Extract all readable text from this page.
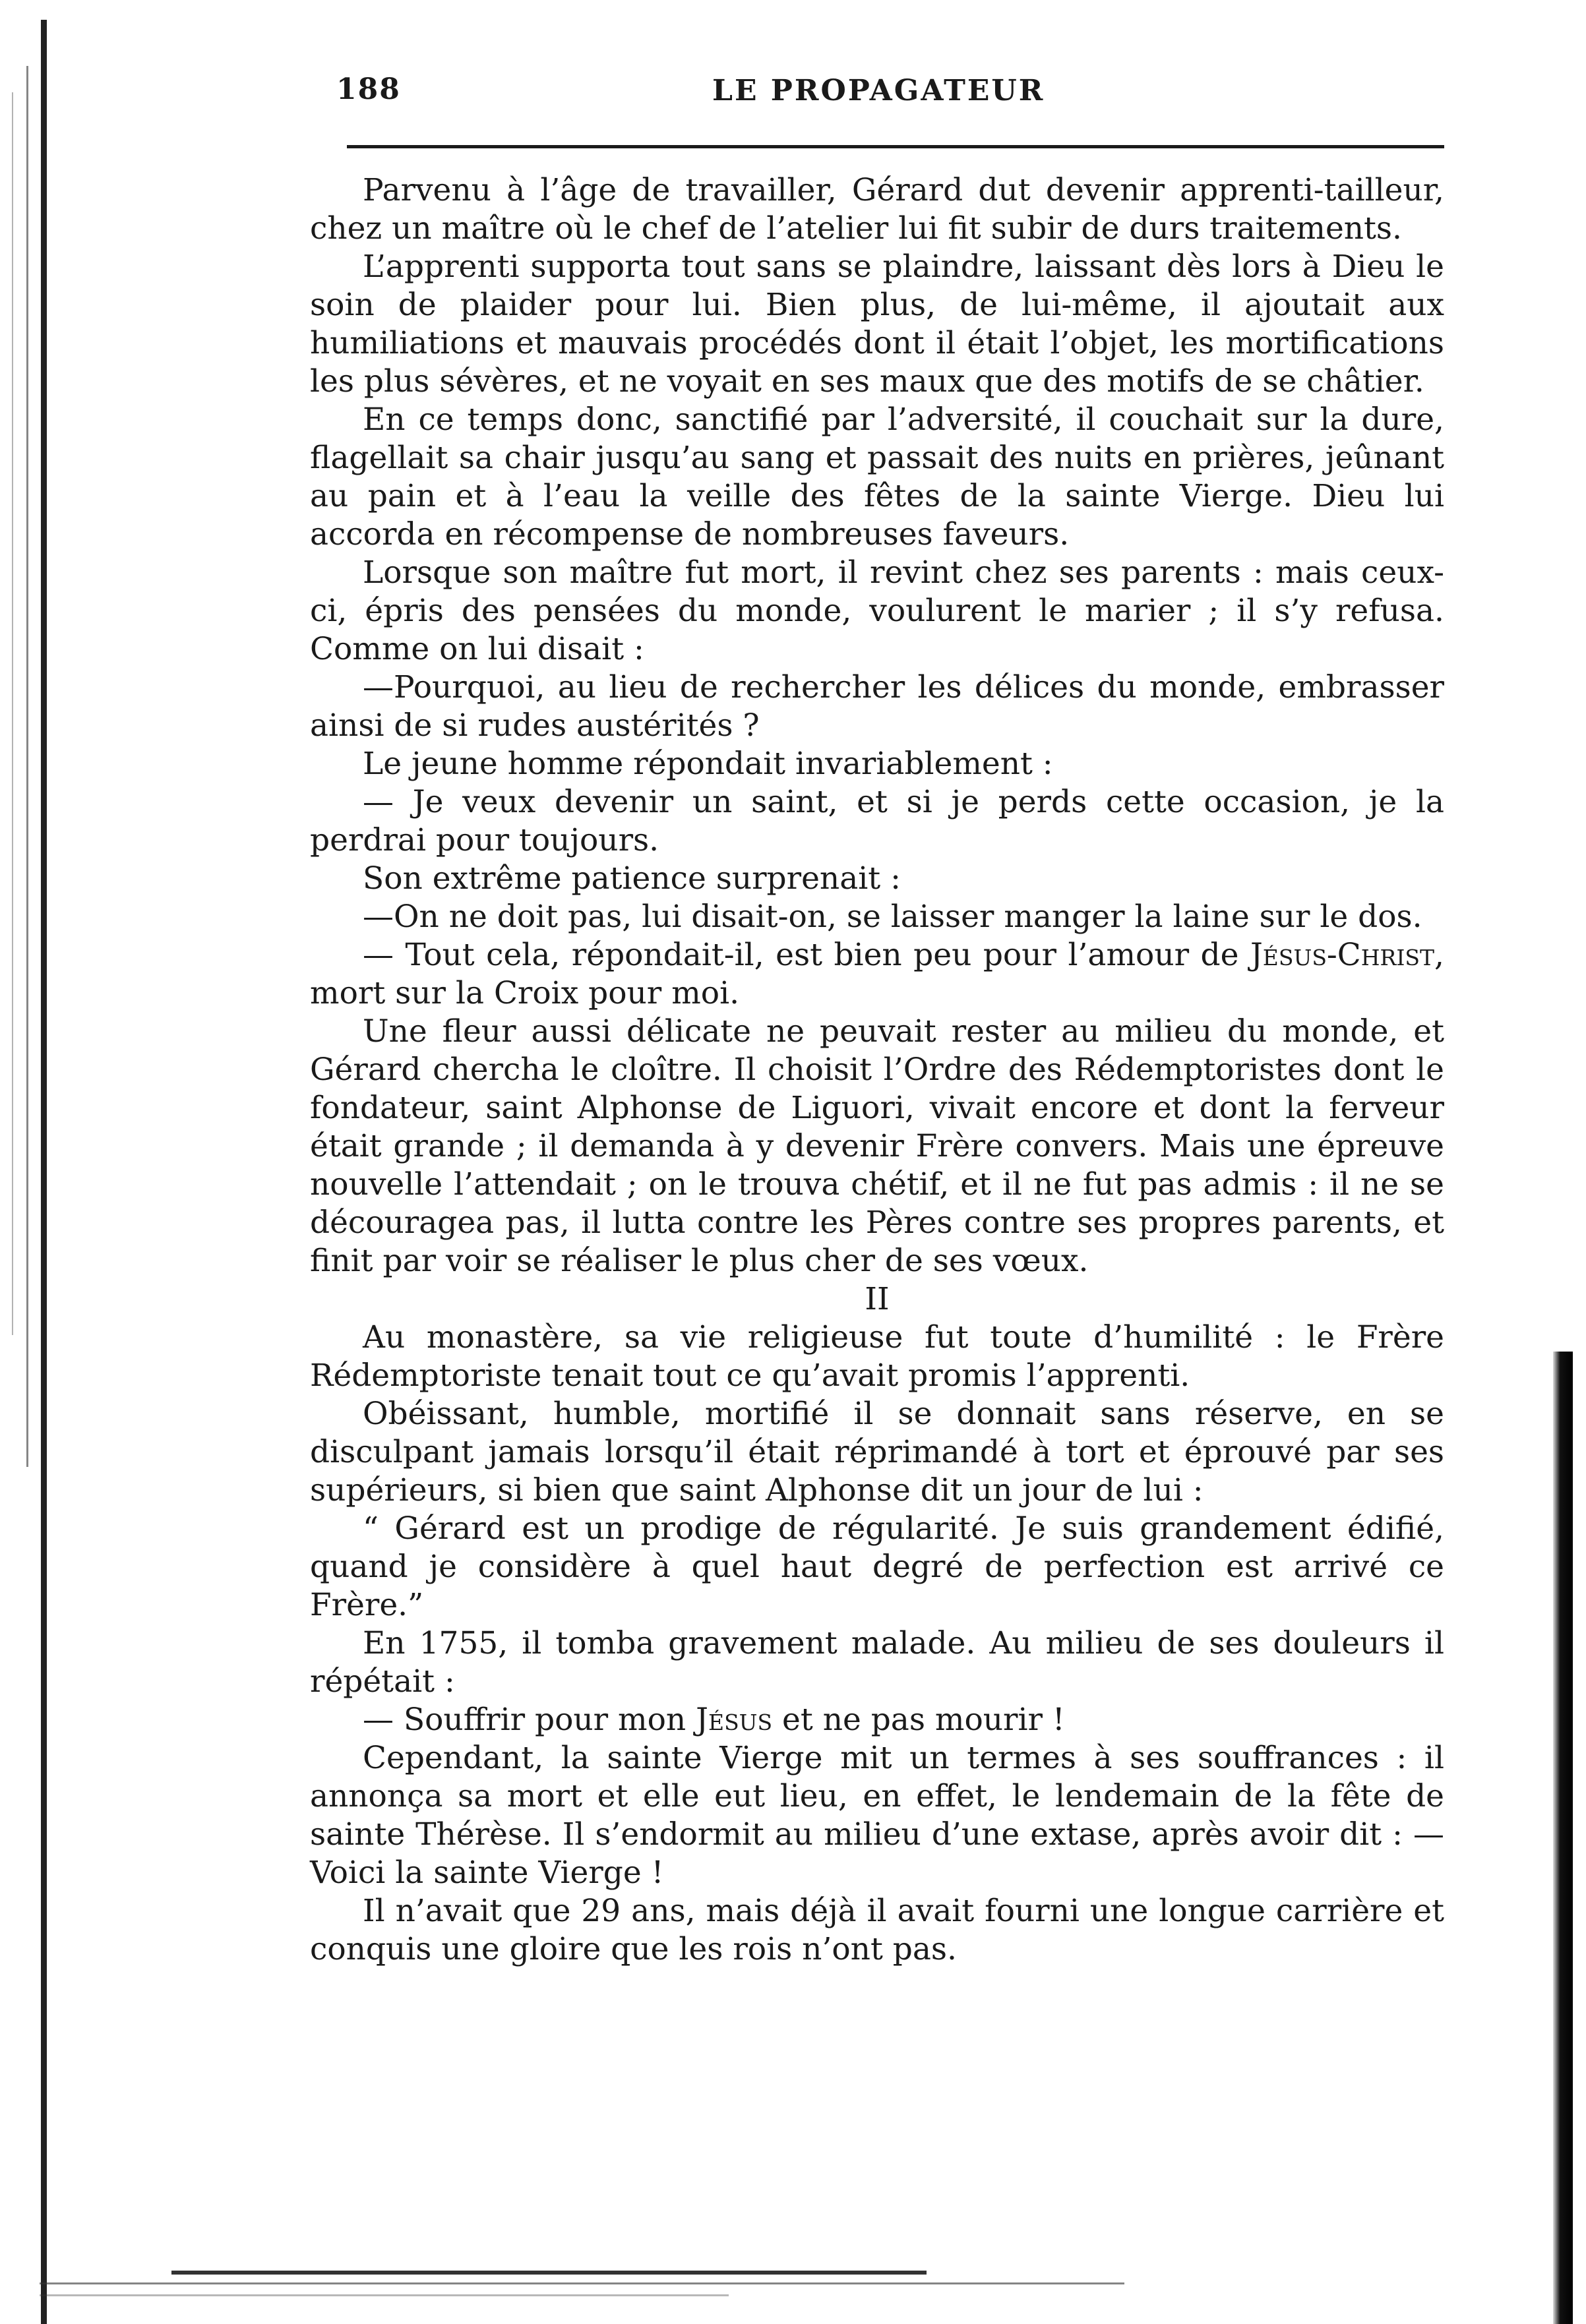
188	LE PROPAGATEUR

Parvenu à l’âge de travailler, Gérard dut devenir apprenti-tailleur, chez un maître où le chef de l’atelier lui fit subir de durs traitements.

L’apprenti supporta tout sans se plaindre, laissant dès lors à Dieu le soin de plaider pour lui. Bien plus, de lui-même, il ajoutait aux humiliations et mauvais procédés dont il était l’objet, les mortifications les plus sévères, et ne voyait en ses maux que des motifs de se châtier.

En ce temps donc, sanctifié par l’adversité, il couchait sur la dure, flagellait sa chair jusqu’au sang et passait des nuits en prières, jeûnant au pain et à l’eau la veille des fêtes de la sainte Vierge. Dieu lui accorda en récompense de nombreuses faveurs.

Lorsque son maître fut mort, il revint chez ses parents : mais ceux-ci, épris des pensées du monde, voulurent le marier ; il s’y refusa. Comme on lui disait :

—Pourquoi, au lieu de rechercher les délices du monde, embrasser ainsi de si rudes austérités ?

Le jeune homme répondait invariablement :

— Je veux devenir un saint, et si je perds cette occasion, je la perdrai pour toujours.

Son extrême patience surprenait :

—On ne doit pas, lui disait-on, se laisser manger la laine sur le dos.

— Tout cela, répondait-il, est bien peu pour l’amour de Jésus-Christ, mort sur la Croix pour moi.

Une fleur aussi délicate ne peuvait rester au milieu du monde, et Gérard chercha le cloître. Il choisit l’Ordre des Rédemptoristes dont le fondateur, saint Alphonse de Liguori, vivait encore et dont la ferveur était grande ; il demanda à y devenir Frère convers. Mais une épreuve nouvelle l’attendait ; on le trouva chétif, et il ne fut pas admis : il ne se découragea pas, il lutta contre les Pères contre ses propres parents, et finit par voir se réaliser le plus cher de ses vœux.

II

Au monastère, sa vie religieuse fut toute d’humilité : le Frère Rédemptoriste tenait tout ce qu’avait promis l’apprenti.

Obéissant, humble, mortifié il se donnait sans réserve, en se disculpant jamais lorsqu’il était réprimandé à tort et éprouvé par ses supérieurs, si bien que saint Alphonse dit un jour de lui :

“ Gérard est un prodige de régularité. Je suis grandement édifié, quand je considère à quel haut degré de perfection est arrivé ce Frère.”

En 1755, il tomba gravement malade. Au milieu de ses douleurs il répétait :

— Souffrir pour mon Jésus et ne pas mourir !

Cependant, la sainte Vierge mit un termes à ses souffrances : il annonça sa mort et elle eut lieu, en effet, le lendemain de la fête de sainte Thérèse. Il s’endormit au milieu d’une extase, après avoir dit : — Voici la sainte Vierge !

Il n’avait que 29 ans, mais déjà il avait fourni une longue carrière et conquis une gloire que les rois n’ont pas.
